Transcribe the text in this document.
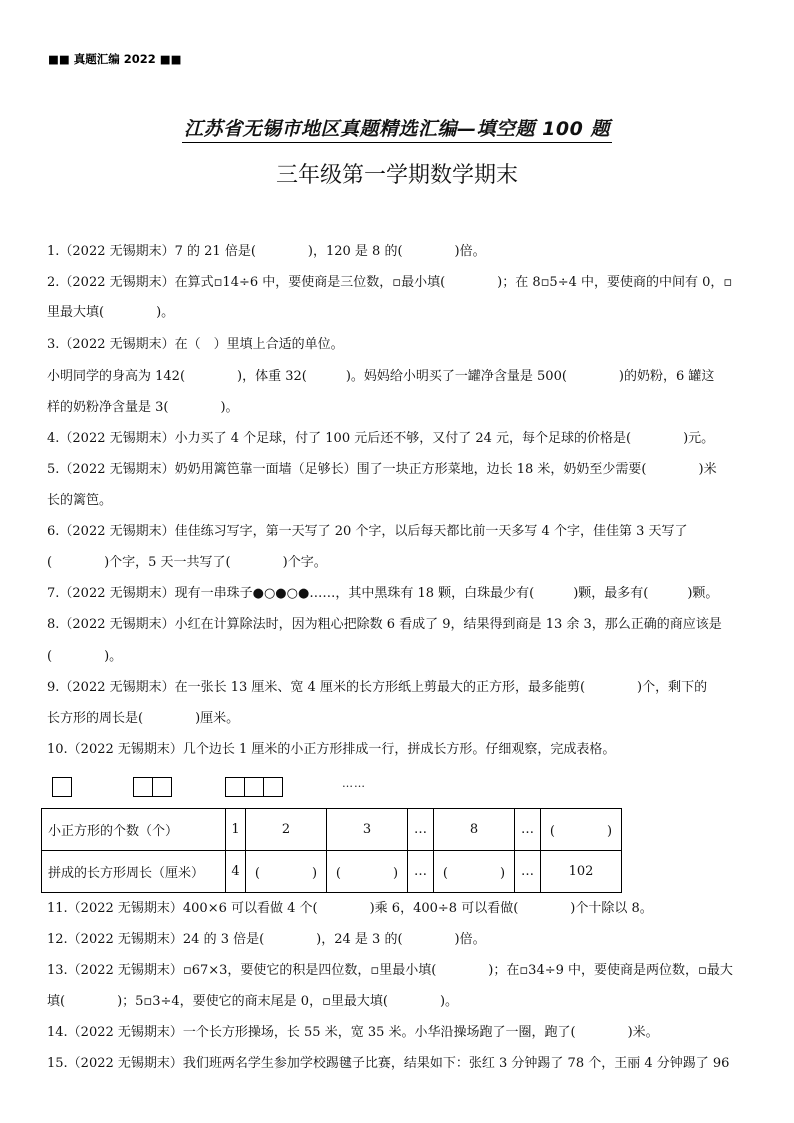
■■ 真题汇编 2022 ■■
江苏省无锡市地区真题精选汇编—填空题 100 题
三年级第一学期数学期末
1.（2022 无锡期末）7 的 21 倍是(　　　　)，120 是 8 的(　　　　)倍。
2.（2022 无锡期末）在算式▫14÷6 中，要使商是三位数，▫最小填(　　　　)；在 8▫5÷4 中，要使商的中间有 0，▫
里最大填(　　　　)。
3.（2022 无锡期末）在（　）里填上合适的单位。
小明同学的身高为 142(　　　　)，体重 32(　　　)。妈妈给小明买了一罐净含量是 500(　　　　)的奶粉，6 罐这
样的奶粉净含量是 3(　　　　)。
4.（2022 无锡期末）小力买了 4 个足球，付了 100 元后还不够，又付了 24 元，每个足球的价格是(　　　　)元。
5.（2022 无锡期末）奶奶用篱笆靠一面墙（足够长）围了一块正方形菜地，边长 18 米，奶奶至少需要(　　　　)米
长的篱笆。
6.（2022 无锡期末）佳佳练习写字，第一天写了 20 个字，以后每天都比前一天多写 4 个字，佳佳第 3 天写了
(　　　　)个字，5 天一共写了(　　　　)个字。
7.（2022 无锡期末）现有一串珠子●○●○●……，其中黑珠有 18 颗，白珠最少有(　　　)颗，最多有(　　　)颗。
8.（2022 无锡期末）小红在计算除法时，因为粗心把除数 6 看成了 9，结果得到商是 13 余 3，那么正确的商应该是
(　　　　)。
9.（2022 无锡期末）在一张长 13 厘米、宽 4 厘米的长方形纸上剪最大的正方形，最多能剪(　　　　)个，剩下的
长方形的周长是(　　　　)厘米。
10.（2022 无锡期末）几个边长 1 厘米的小正方形排成一行，拼成长方形。仔细观察，完成表格。
……
小正方形的个数（个）	1	2	3	…	8	…	(　　　　)
拼成的长方形周长（厘米）	4	(　　　　)	(　　　　)	…	(　　　　)	…	102
11.（2022 无锡期末）400×6 可以看做 4 个(　　　　)乘 6，400÷8 可以看做(　　　　)个十除以 8。
12.（2022 无锡期末）24 的 3 倍是(　　　　)，24 是 3 的(　　　　)倍。
13.（2022 无锡期末）▫67×3，要使它的积是四位数，▫里最小填(　　　　)；在▫34÷9 中，要使商是两位数，▫最大
填(　　　　)；5▫3÷4，要使它的商末尾是 0，▫里最大填(　　　　)。
14.（2022 无锡期末）一个长方形操场，长 55 米，宽 35 米。小华沿操场跑了一圈，跑了(　　　　)米。
15.（2022 无锡期末）我们班两名学生参加学校踢毽子比赛，结果如下：张红 3 分钟踢了 78 个，王丽 4 分钟踢了 96
